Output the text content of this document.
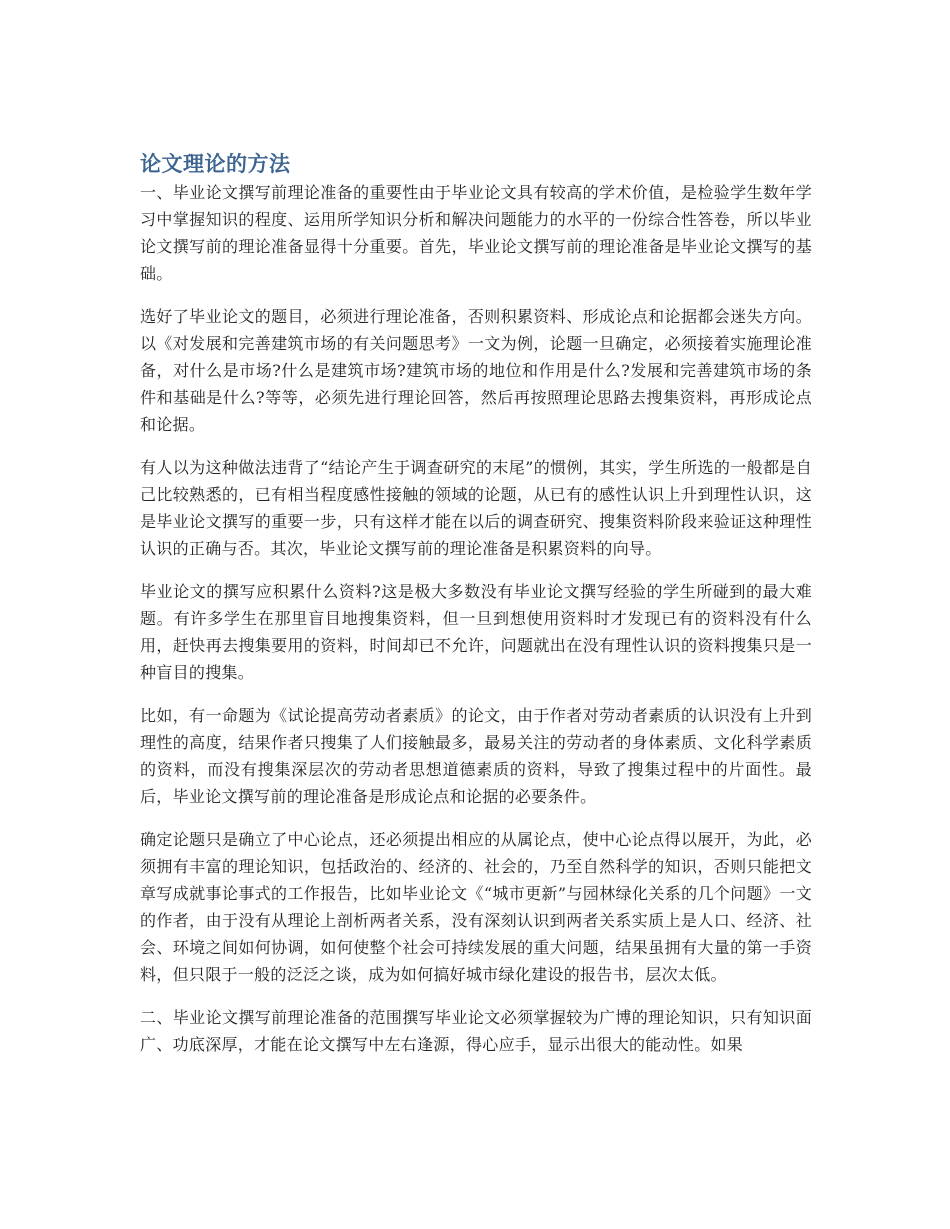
论文理论的方法

一、毕业论文撰写前理论准备的重要性由于毕业论文具有较高的学术价值，是检验学生数年学习中掌握知识的程度、运用所学知识分析和解决问题能力的水平的一份综合性答卷，所以毕业论文撰写前的理论准备显得十分重要。首先，毕业论文撰写前的理论准备是毕业论文撰写的基础。

选好了毕业论文的题目，必须进行理论准备，否则积累资料、形成论点和论据都会迷失方向。以《对发展和完善建筑市场的有关问题思考》一文为例，论题一旦确定，必须接着实施理论准备，对什么是市场?什么是建筑市场?建筑市场的地位和作用是什么?发展和完善建筑市场的条件和基础是什么?等等，必须先进行理论回答，然后再按照理论思路去搜集资料，再形成论点和论据。

有人以为这种做法违背了“结论产生于调查研究的末尾”的惯例，其实，学生所选的一般都是自己比较熟悉的，已有相当程度感性接触的领域的论题，从已有的感性认识上升到理性认识，这是毕业论文撰写的重要一步，只有这样才能在以后的调查研究、搜集资料阶段来验证这种理性认识的正确与否。其次，毕业论文撰写前的理论准备是积累资料的向导。

毕业论文的撰写应积累什么资料?这是极大多数没有毕业论文撰写经验的学生所碰到的最大难题。有许多学生在那里盲目地搜集资料，但一旦到想使用资料时才发现已有的资料没有什么用，赶快再去搜集要用的资料，时间却已不允许，问题就出在没有理性认识的资料搜集只是一种盲目的搜集。

比如，有一命题为《试论提高劳动者素质》的论文，由于作者对劳动者素质的认识没有上升到理性的高度，结果作者只搜集了人们接触最多，最易关注的劳动者的身体素质、文化科学素质的资料，而没有搜集深层次的劳动者思想道德素质的资料，导致了搜集过程中的片面性。最后，毕业论文撰写前的理论准备是形成论点和论据的必要条件。

确定论题只是确立了中心论点，还必须提出相应的从属论点，使中心论点得以展开，为此，必须拥有丰富的理论知识，包括政治的、经济的、社会的，乃至自然科学的知识，否则只能把文章写成就事论事式的工作报告，比如毕业论文《“城市更新”与园林绿化关系的几个问题》一文的作者，由于没有从理论上剖析两者关系，没有深刻认识到两者关系实质上是人口、经济、社会、环境之间如何协调，如何使整个社会可持续发展的重大问题，结果虽拥有大量的第一手资料，但只限于一般的泛泛之谈，成为如何搞好城市绿化建设的报告书，层次太低。

二、毕业论文撰写前理论准备的范围撰写毕业论文必须掌握较为广博的理论知识，只有知识面广、功底深厚，才能在论文撰写中左右逢源，得心应手，显示出很大的能动性。如果
